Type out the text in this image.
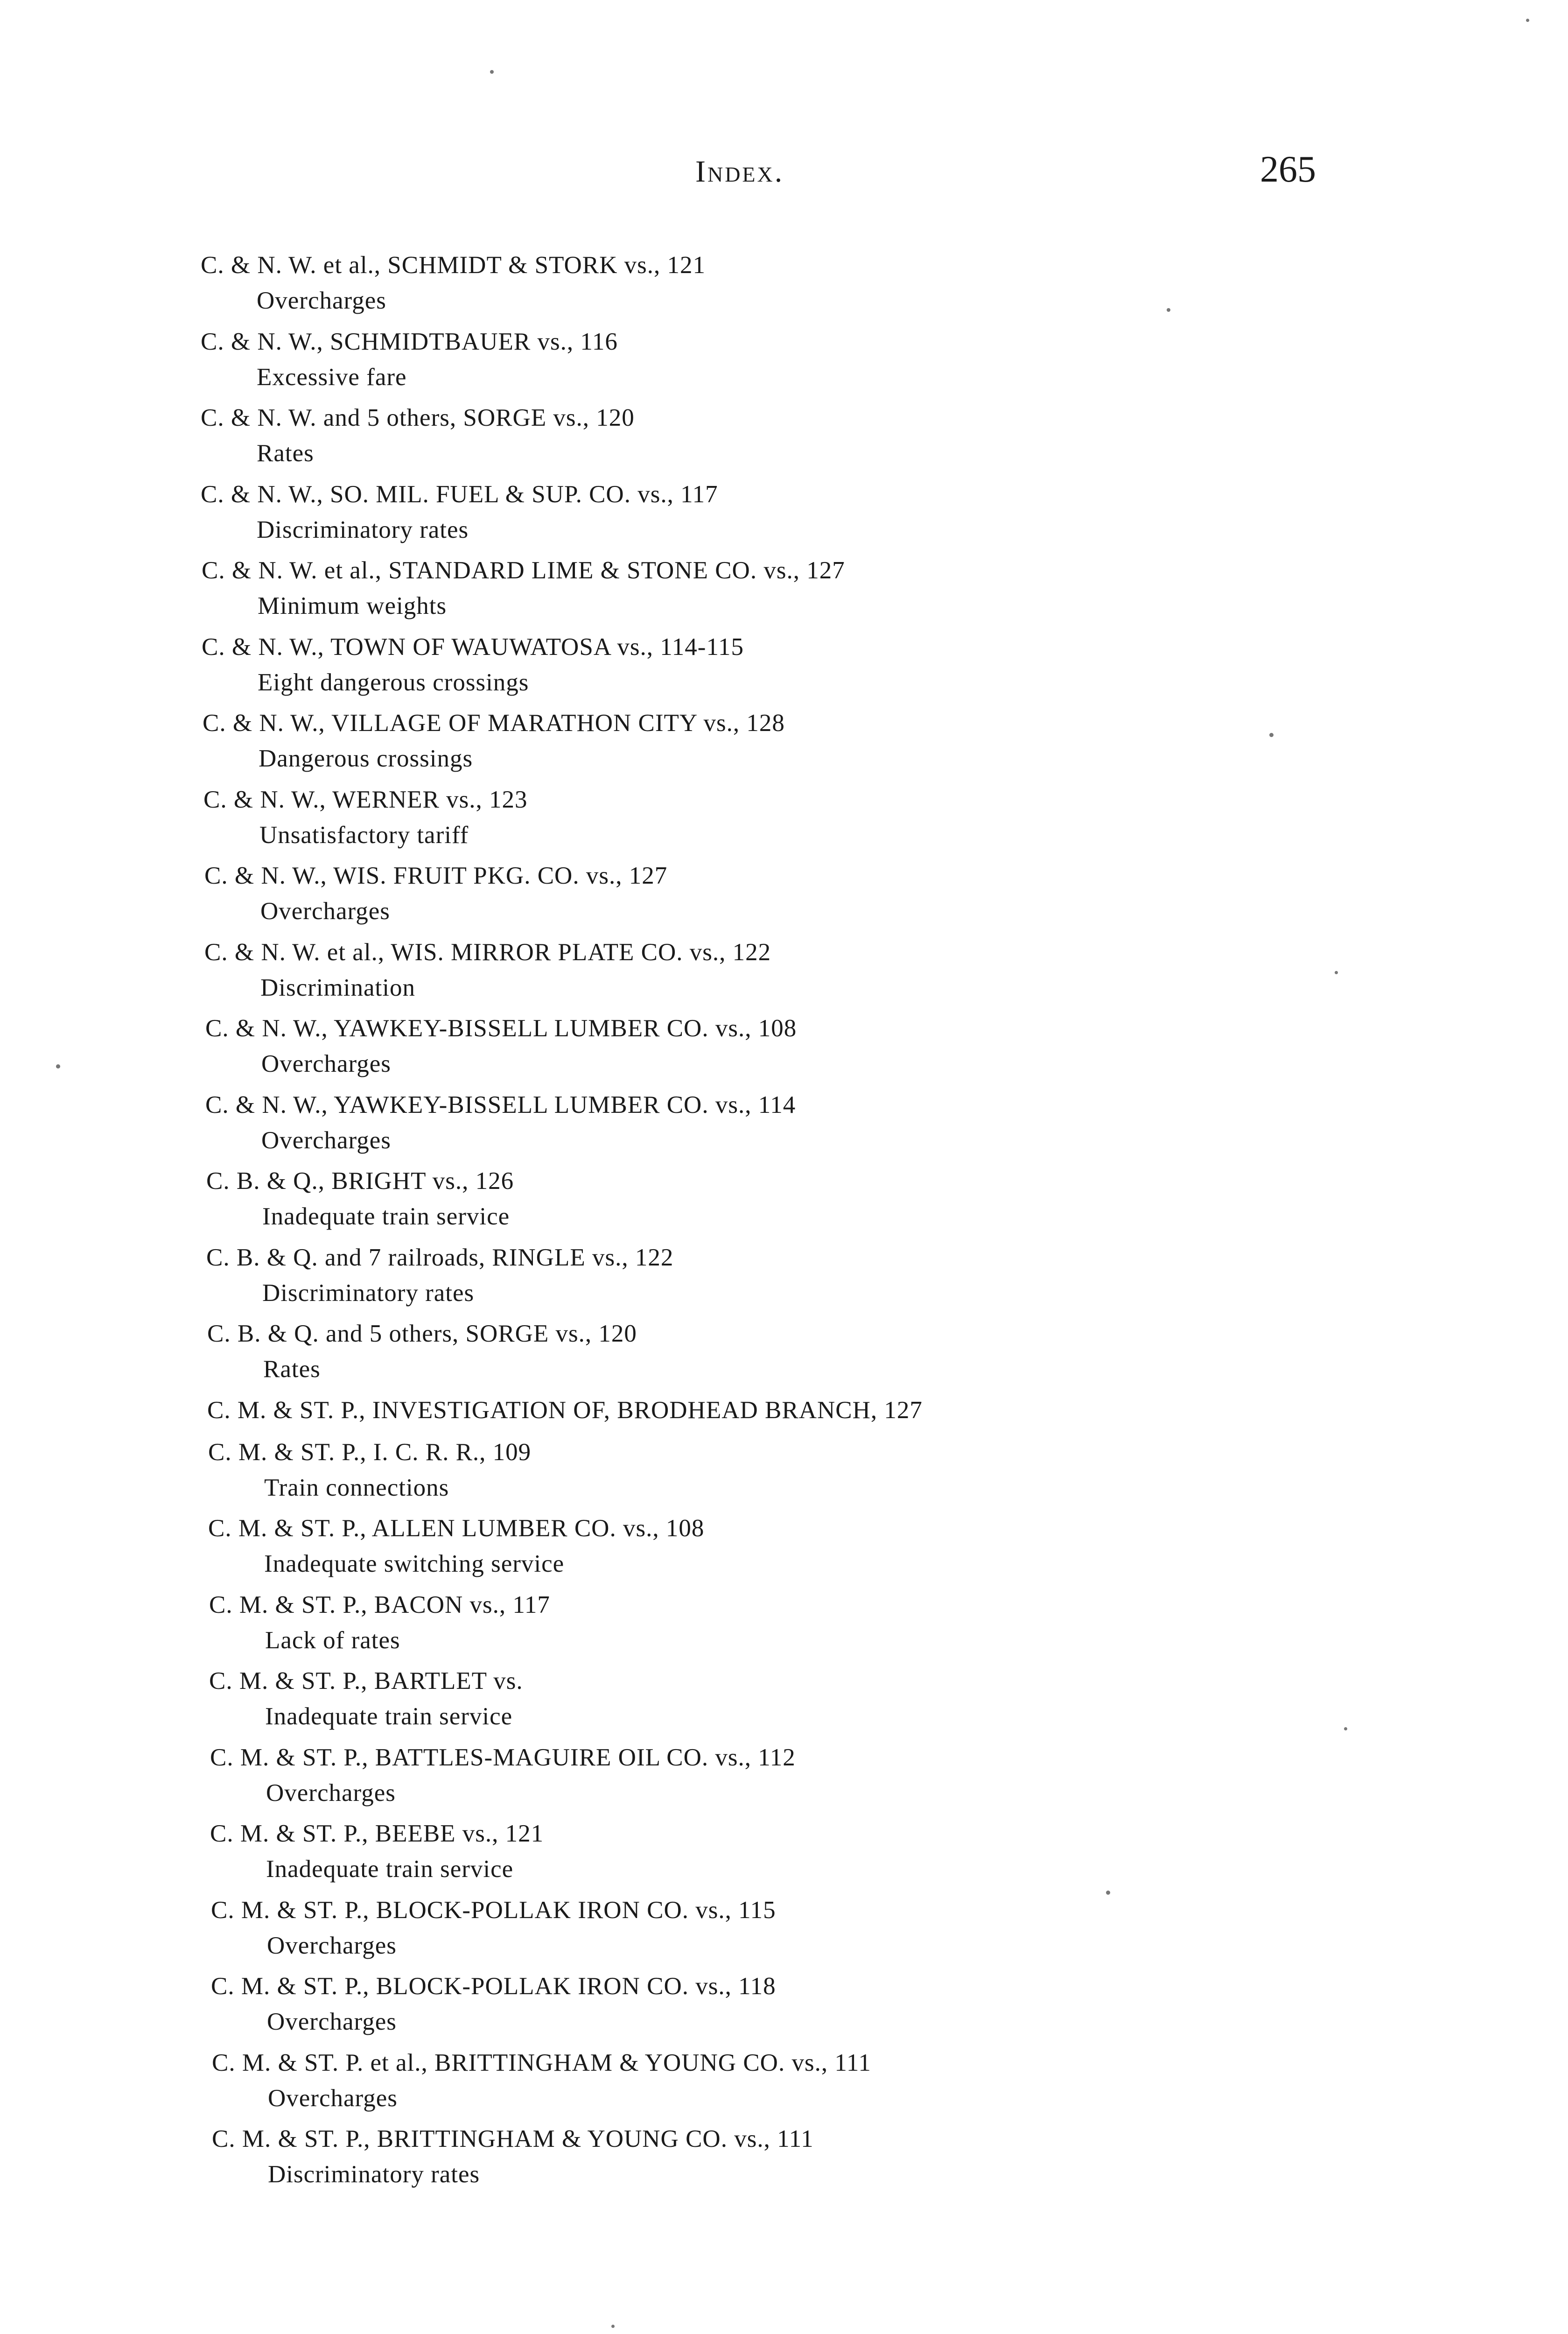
Index.	265
C. & N. W. et al., SCHMIDT & STORK vs., 121
Overcharges
C. & N. W., SCHMIDTBAUER vs., 116
Excessive fare
C. & N. W. and 5 others, SORGE vs., 120
Rates
C. & N. W., SO. MIL. FUEL & SUP. CO. vs., 117
Discriminatory rates
C. & N. W. et al., STANDARD LIME & STONE CO. vs., 127
Minimum weights
C. & N. W., TOWN OF WAUWATOSA vs., 114-115
Eight dangerous crossings
C. & N. W., VILLAGE OF MARATHON CITY vs., 128
Dangerous crossings
C. & N. W., WERNER vs., 123
Unsatisfactory tariff
C. & N. W., WIS. FRUIT PKG. CO. vs., 127
Overcharges
C. & N. W. et al., WIS. MIRROR PLATE CO. vs., 122
Discrimination
C. & N. W., YAWKEY-BISSELL LUMBER CO. vs., 108
Overcharges
C. & N. W., YAWKEY-BISSELL LUMBER CO. vs., 114
Overcharges
C. B. & Q., BRIGHT vs., 126
Inadequate train service
C. B. & Q. and 7 railroads, RINGLE vs., 122
Discriminatory rates
C. B. & Q. and 5 others, SORGE vs., 120
Rates
C. M. & ST. P., INVESTIGATION OF, BRODHEAD BRANCH, 127
C. M. & ST. P., I. C. R. R., 109
Train connections
C. M. & ST. P., ALLEN LUMBER CO. vs., 108
Inadequate switching service
C. M. & ST. P., BACON vs., 117
Lack of rates
C. M. & ST. P., BARTLET vs.
Inadequate train service
C. M. & ST. P., BATTLES-MAGUIRE OIL CO. vs., 112
Overcharges
C. M. & ST. P., BEEBE vs., 121
Inadequate train service
C. M. & ST. P., BLOCK-POLLAK IRON CO. vs., 115
Overcharges
C. M. & ST. P., BLOCK-POLLAK IRON CO. vs., 118
Overcharges
C. M. & ST. P. et al., BRITTINGHAM & YOUNG CO. vs., 111
Overcharges
C. M. & ST. P., BRITTINGHAM & YOUNG CO. vs., 111
Discriminatory rates
